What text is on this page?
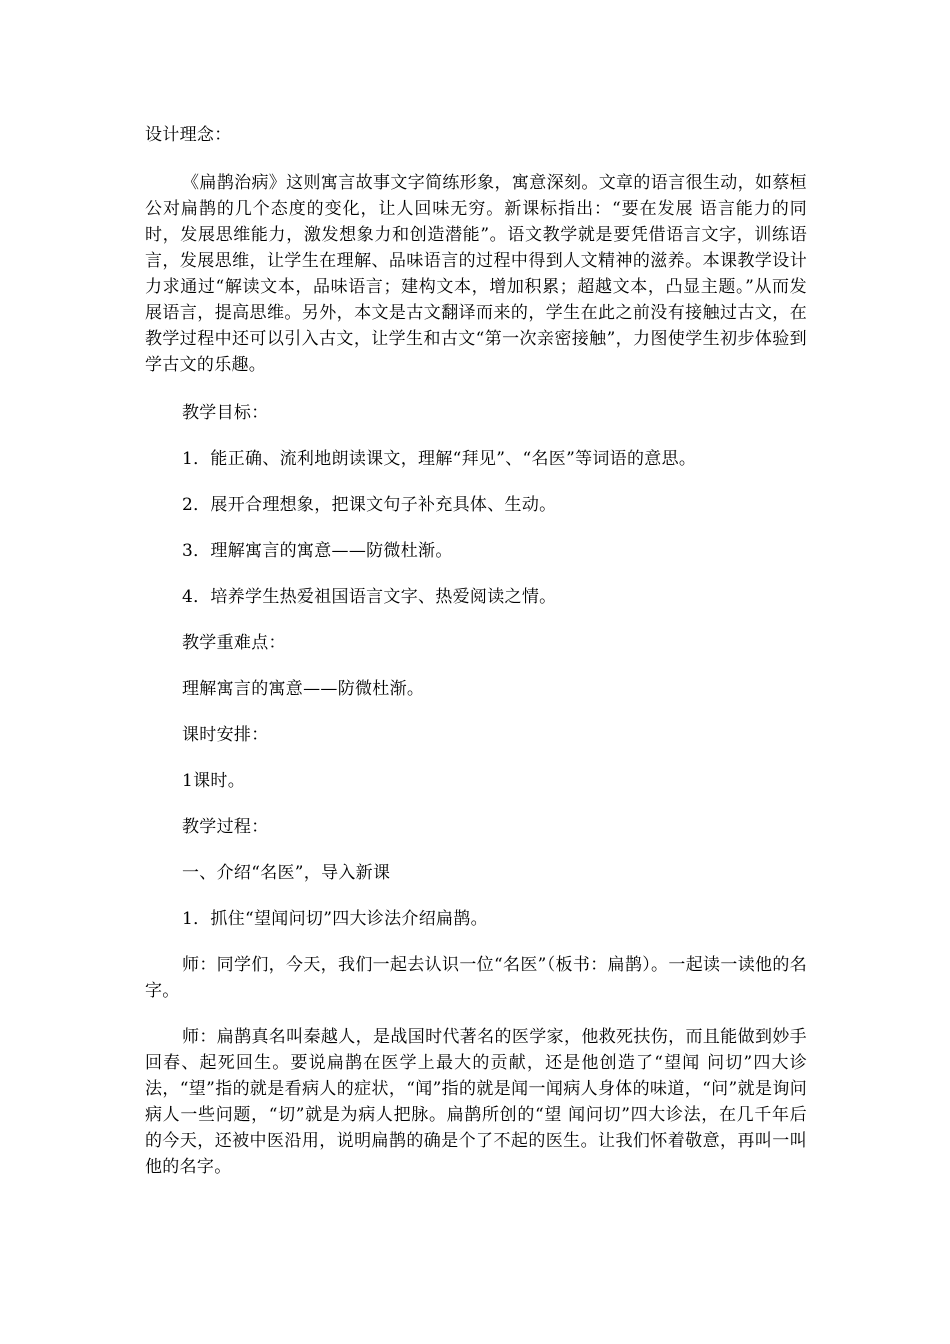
设计理念：

《扁鹊治病》这则寓言故事文字简练形象，寓意深刻。文章的语言很生动，如蔡桓公对扁鹊的几个态度的变化，让人回味无穷。新课标指出：“要在发展 语言能力的同时，发展思维能力，激发想象力和创造潜能”。语文教学就是要凭借语言文字，训练语言，发展思维，让学生在理解、品味语言的过程中得到人文精神的滋养。本课教学设计力求通过“解读文本，品味语言；建构文本，增加积累；超越文本，凸显主题。”从而发展语言，提高思维。另外，本文是古文翻译而来的，学生在此之前没有接触过古文，在教学过程中还可以引入古文，让学生和古文“第一次亲密接触”，力图使学生初步体验到学古文的乐趣。

教学目标：

1．能正确、流利地朗读课文，理解“拜见”、“名医”等词语的意思。

2．展开合理想象，把课文句子补充具体、生动。

3．理解寓言的寓意——防微杜渐。

4．培养学生热爱祖国语言文字、热爱阅读之情。

教学重难点：

理解寓言的寓意——防微杜渐。

课时安排：

1课时。

教学过程：

一、介绍“名医”，导入新课

1．抓住“望闻问切”四大诊法介绍扁鹊。

师：同学们，今天，我们一起去认识一位“名医”（板书：扁鹊）。一起读一读他的名字。

师：扁鹊真名叫秦越人，是战国时代著名的医学家，他救死扶伤，而且能做到妙手回春、起死回生。要说扁鹊在医学上最大的贡献，还是他创造了“望闻 问切”四大诊法，“望”指的就是看病人的症状，“闻”指的就是闻一闻病人身体的味道，“问”就是询问病人一些问题，“切”就是为病人把脉。扁鹊所创的“望 闻问切”四大诊法，在几千年后的今天，还被中医沿用，说明扁鹊的确是个了不起的医生。让我们怀着敬意，再叫一叫他的名字。
